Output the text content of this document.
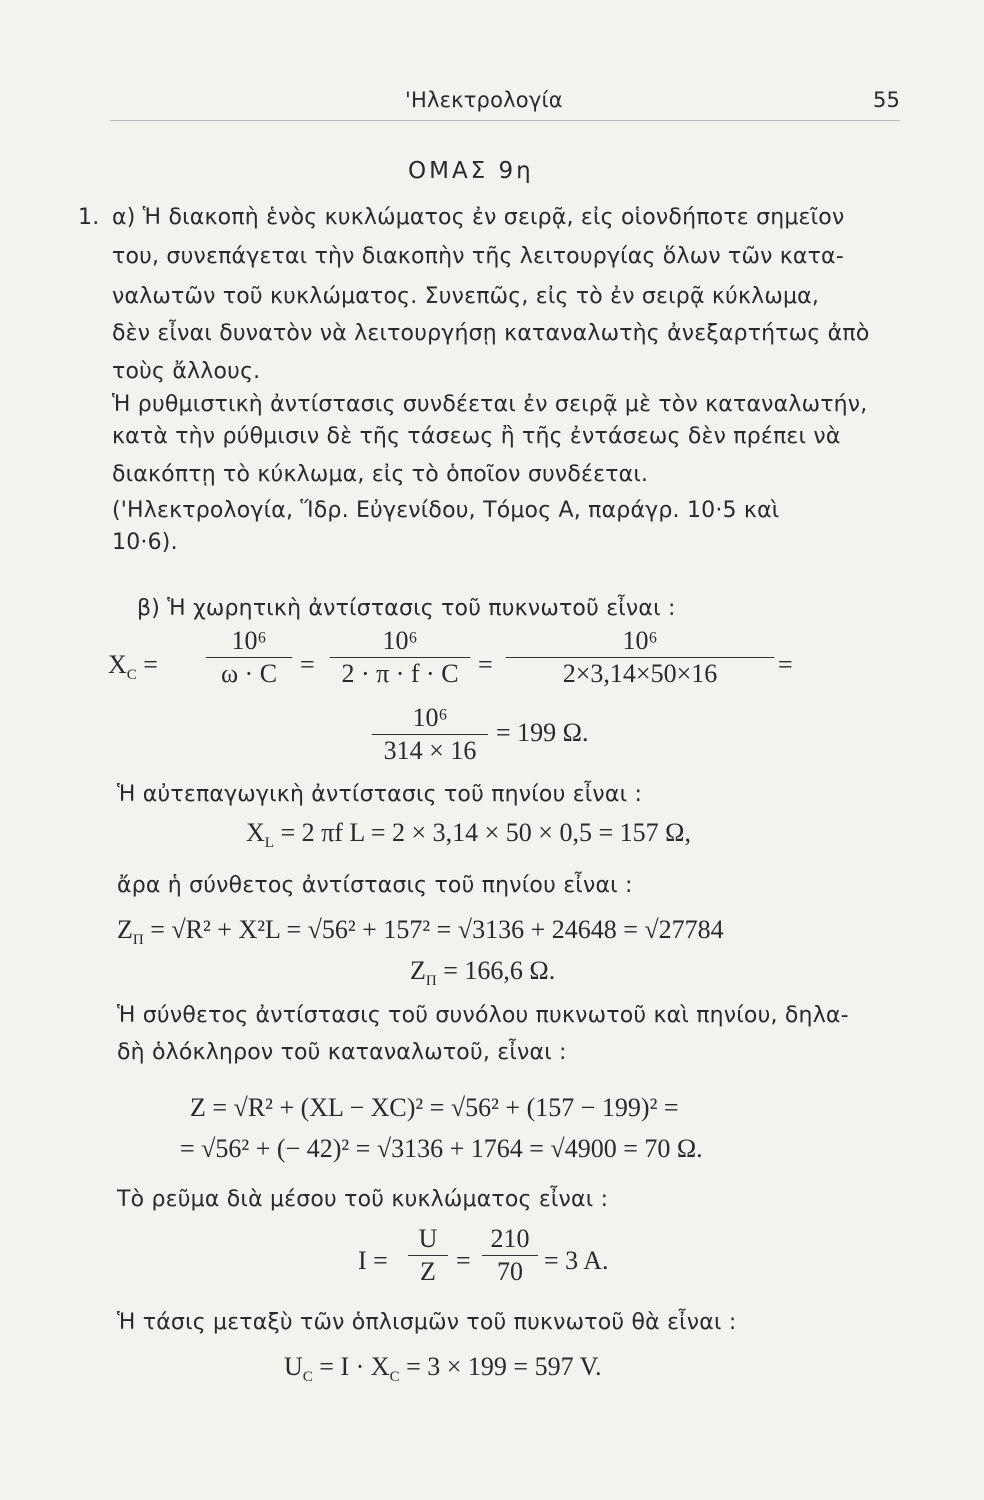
'Ηλεκτρολογία	55
ΟΜΑΣ 9η
1. α) Ἡ διακοπὴ ἑνὸς κυκλώματος ἐν σειρᾷ, εἰς οἱονδήποτε σημεῖον
του, συνεπάγεται τὴν διακοπὴν τῆς λειτουργίας ὅλων τῶν κατα-
ναλωτῶν τοῦ κυκλώματος. Συνεπῶς, εἰς τὸ ἐν σειρᾷ κύκλωμα,
δὲν εἶναι δυνατὸν νὰ λειτουργήσῃ καταναλωτὴς ἀνεξαρτήτως ἀπὸ
τοὺς ἄλλους.
Ἡ ρυθμιστικὴ ἀντίστασις συνδέεται ἐν σειρᾷ μὲ τὸν καταναλωτήν,
κατὰ τὴν ρύθμισιν δὲ τῆς τάσεως ἢ τῆς ἐντάσεως δὲν πρέπει νὰ
διακόπτῃ τὸ κύκλωμα, εἰς τὸ ὁποῖον συνδέεται.
('Ηλεκτρολογία, Ἵδρ. Εὐγενίδου, Τόμος Α, παράγρ. 10·5 καὶ
10·6).
β) Ἡ χωρητικὴ ἀντίστασις τοῦ πυκνωτοῦ εἶναι :
$X_C$ =
10⁶
ω · C =
10⁶
2 · π · f · C =
10⁶
2×3,14×50×16	=
10⁶
314 × 16
= 199 Ω.
Ἡ αὐτεπαγωγικὴ ἀντίστασις τοῦ πηνίου εἶναι :
$X_L = 2$ πf L = 2 × 3,14 × 50 × 0,5 = 157 Ω,
ἄρα ἡ σύνθετος ἀντίστασις τοῦ πηνίου εἶναι :
$Z_\Pi = √R^2 + X^2L = √56^2 + 157^2 = √3136 + 24648 = √27784$
$Z_\Pi = 166,6$ Ω.
Ἡ σύνθετος ἀντίστασις τοῦ συνόλου πυκνωτοῦ καὶ πηνίου, δηλα-
δὴ ὁλόκληρον τοῦ καταναλωτοῦ, εἶναι :
Z = √R² + (XL − XC)² = √56² + (157 − 199)² =
= √56² + (− 42)² = √3136 + 1764 = √4900 = 70 Ω.
Τὸ ρεῦμα διὰ μέσου τοῦ κυκλώματος εἶναι :
I =
U
Z =
210
70 = 3 A.
Ἡ τάσις μεταξὺ τῶν ὁπλισμῶν τοῦ πυκνωτοῦ θὰ εἶναι :
$U_C = I \cdot X_C = 3 \times 199 = 597$ V.
